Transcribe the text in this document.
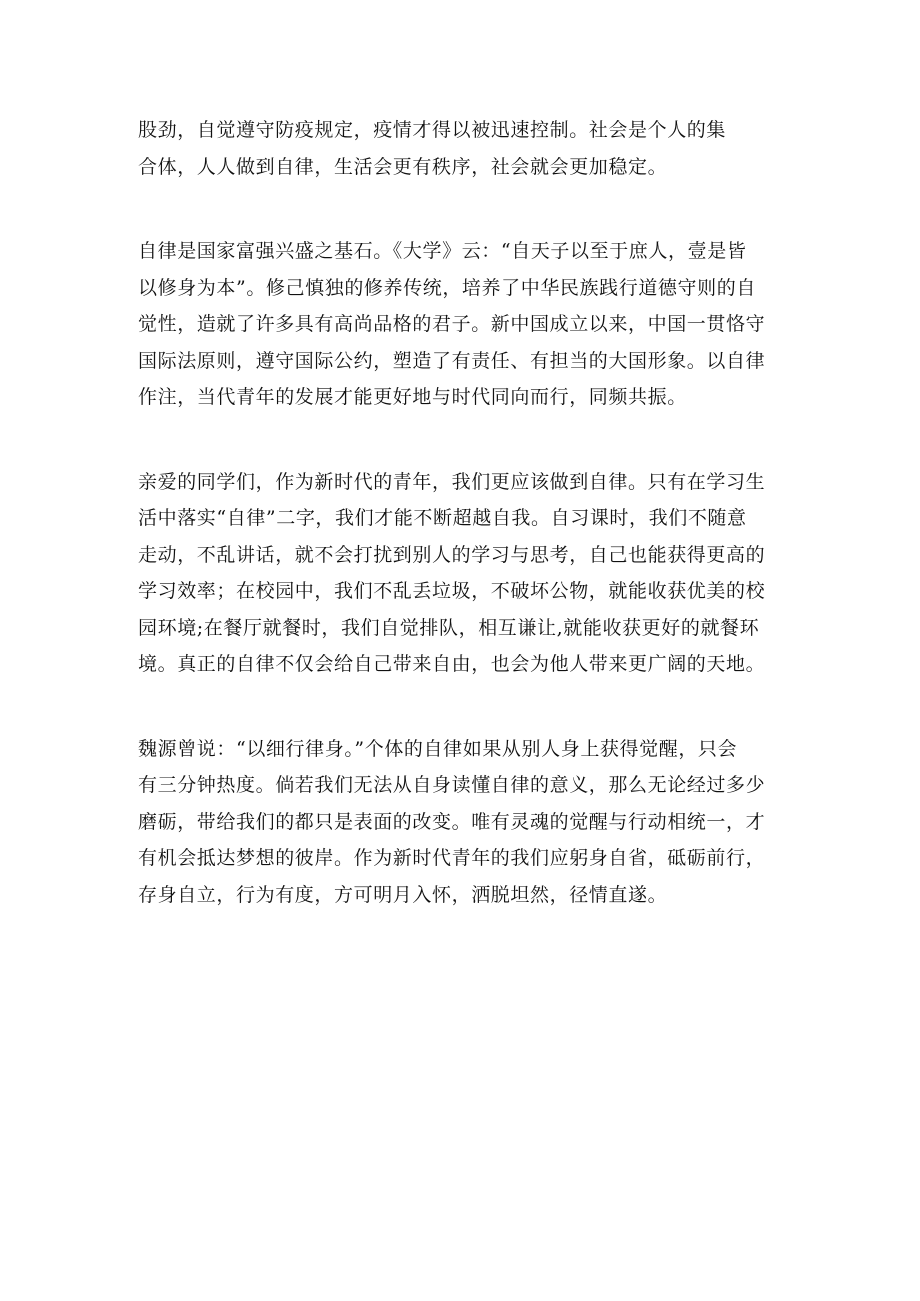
股劲，自觉遵守防疫规定，疫情才得以被迅速控制。社会是个人的集
合体，人人做到自律，生活会更有秩序，社会就会更加稳定。

自律是国家富强兴盛之基石。《大学》云：“自天子以至于庶人，壹是皆
以修身为本”。修己慎独的修养传统，培养了中华民族践行道德守则的自
觉性，造就了许多具有高尚品格的君子。新中国成立以来，中国一贯恪守
国际法原则，遵守国际公约，塑造了有责任、有担当的大国形象。以自律
作注，当代青年的发展才能更好地与时代同向而行，同频共振。

亲爱的同学们，作为新时代的青年，我们更应该做到自律。只有在学习生
活中落实“自律”二字，我们才能不断超越自我。自习课时，我们不随意
走动，不乱讲话，就不会打扰到别人的学习与思考，自己也能获得更高的
学习效率；在校园中，我们不乱丢垃圾，不破坏公物，就能收获优美的校
园环境;在餐厅就餐时，我们自觉排队，相互谦让,就能收获更好的就餐环
境。真正的自律不仅会给自己带来自由，也会为他人带来更广阔的天地。

魏源曾说：“以细行律身。”个体的自律如果从别人身上获得觉醒，只会
有三分钟热度。倘若我们无法从自身读懂自律的意义，那么无论经过多少
磨砺，带给我们的都只是表面的改变。唯有灵魂的觉醒与行动相统一，才
有机会抵达梦想的彼岸。作为新时代青年的我们应躬身自省，砥砺前行，
存身自立，行为有度，方可明月入怀，洒脱坦然，径情直遂。
